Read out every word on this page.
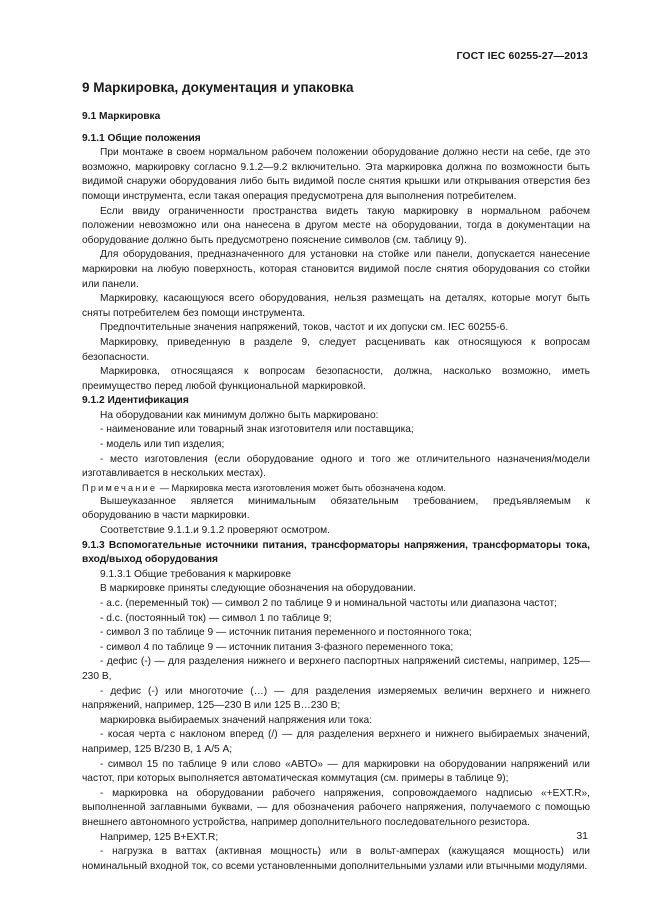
ГОСТ IEC 60255-27—2013
9 Маркировка, документация и упаковка

9.1 Маркировка

9.1.1 Общие положения

При монтаже в своем нормальном рабочем положении оборудование должно нести на себе, где это возможно, маркировку согласно 9.1.2—9.2 включительно. Эта маркировка должна по возможности быть видимой снаружи оборудования либо быть видимой после снятия крышки или открывания отверстия без помощи инструмента, если такая операция предусмотрена для выполнения потребителем.

Если ввиду ограниченности пространства видеть такую маркировку в нормальном рабочем положении невозможно или она нанесена в другом месте на оборудовании, тогда в документации на оборудование должно быть предусмотрено пояснение символов (см. таблицу 9).

Для оборудования, предназначенного для установки на стойке или панели, допускается нанесение маркировки на любую поверхность, которая становится видимой после снятия оборудования со стойки или панели.

Маркировку, касающуюся всего оборудования, нельзя размещать на деталях, которые могут быть сняты потребителем без помощи инструмента.

Предпочтительные значения напряжений, токов, частот и их допуски см. IEC 60255-6.

Маркировку, приведенную в разделе 9, следует расценивать как относящуюся к вопросам безопасности.

Маркировка, относящаяся к вопросам безопасности, должна, насколько возможно, иметь преимущество перед любой функциональной маркировкой.

9.1.2 Идентификация

На оборудовании как минимум должно быть маркировано:

- наименование или товарный знак изготовителя или поставщика;

- модель или тип изделия;

- место изготовления (если оборудование одного и того же отличительного назначения/модели изготавливается в нескольких местах).

Примечание — Маркировка места изготовления может быть обозначена кодом.

Вышеуказанное является минимальным обязательным требованием, предъявляемым к оборудованию в части маркировки.

Соответствие 9.1.1.и 9.1.2 проверяют осмотром.

9.1.3 Вспомогательные источники питания, трансформаторы напряжения, трансформаторы тока, вход/выход оборудования

9.1.3.1 Общие требования к маркировке

В маркировке приняты следующие обозначения на оборудовании.

- a.c. (переменный ток) — символ 2 по таблице 9 и номинальной частоты или диапазона частот;

- d.c. (постоянный ток) — символ 1 по таблице 9;

- символ 3 по таблице 9 — источник питания переменного и постоянного тока;

- символ 4 по таблице 9 — источник питания 3-фазного переменного тока;

- дефис (-) — для разделения нижнего и верхнего паспортных напряжений системы, например, 125—230 В,

- дефис (-) или многоточие (…) — для разделения измеряемых величин верхнего и нижнего напряжений, например, 125—230 В или 125 В…230 В;

маркировка выбираемых значений напряжения или тока:

- косая черта с наклоном вперед (/) — для разделения верхнего и нижнего выбираемых значений, например, 125 В/230 В, 1 А/5 А;

- символ 15 по таблице 9 или слово «АВТО» — для маркировки на оборудовании напряжений или частот, при которых выполняется автоматическая коммутация (см. примеры в таблице 9);

- маркировка на оборудовании рабочего напряжения, сопровождаемого надписью «+EXT.R», выполненной заглавными буквами, — для обозначения рабочего напряжения, получаемого с помощью внешнего автономного устройства, например дополнительного последовательного резистора.

Например, 125 В+EXT.R;

- нагрузка в ваттах (активная мощность) или в вольт-амперах (кажущаяся мощность) или номинальный входной ток, со всеми установленными дополнительными узлами или втычными модулями.

31
